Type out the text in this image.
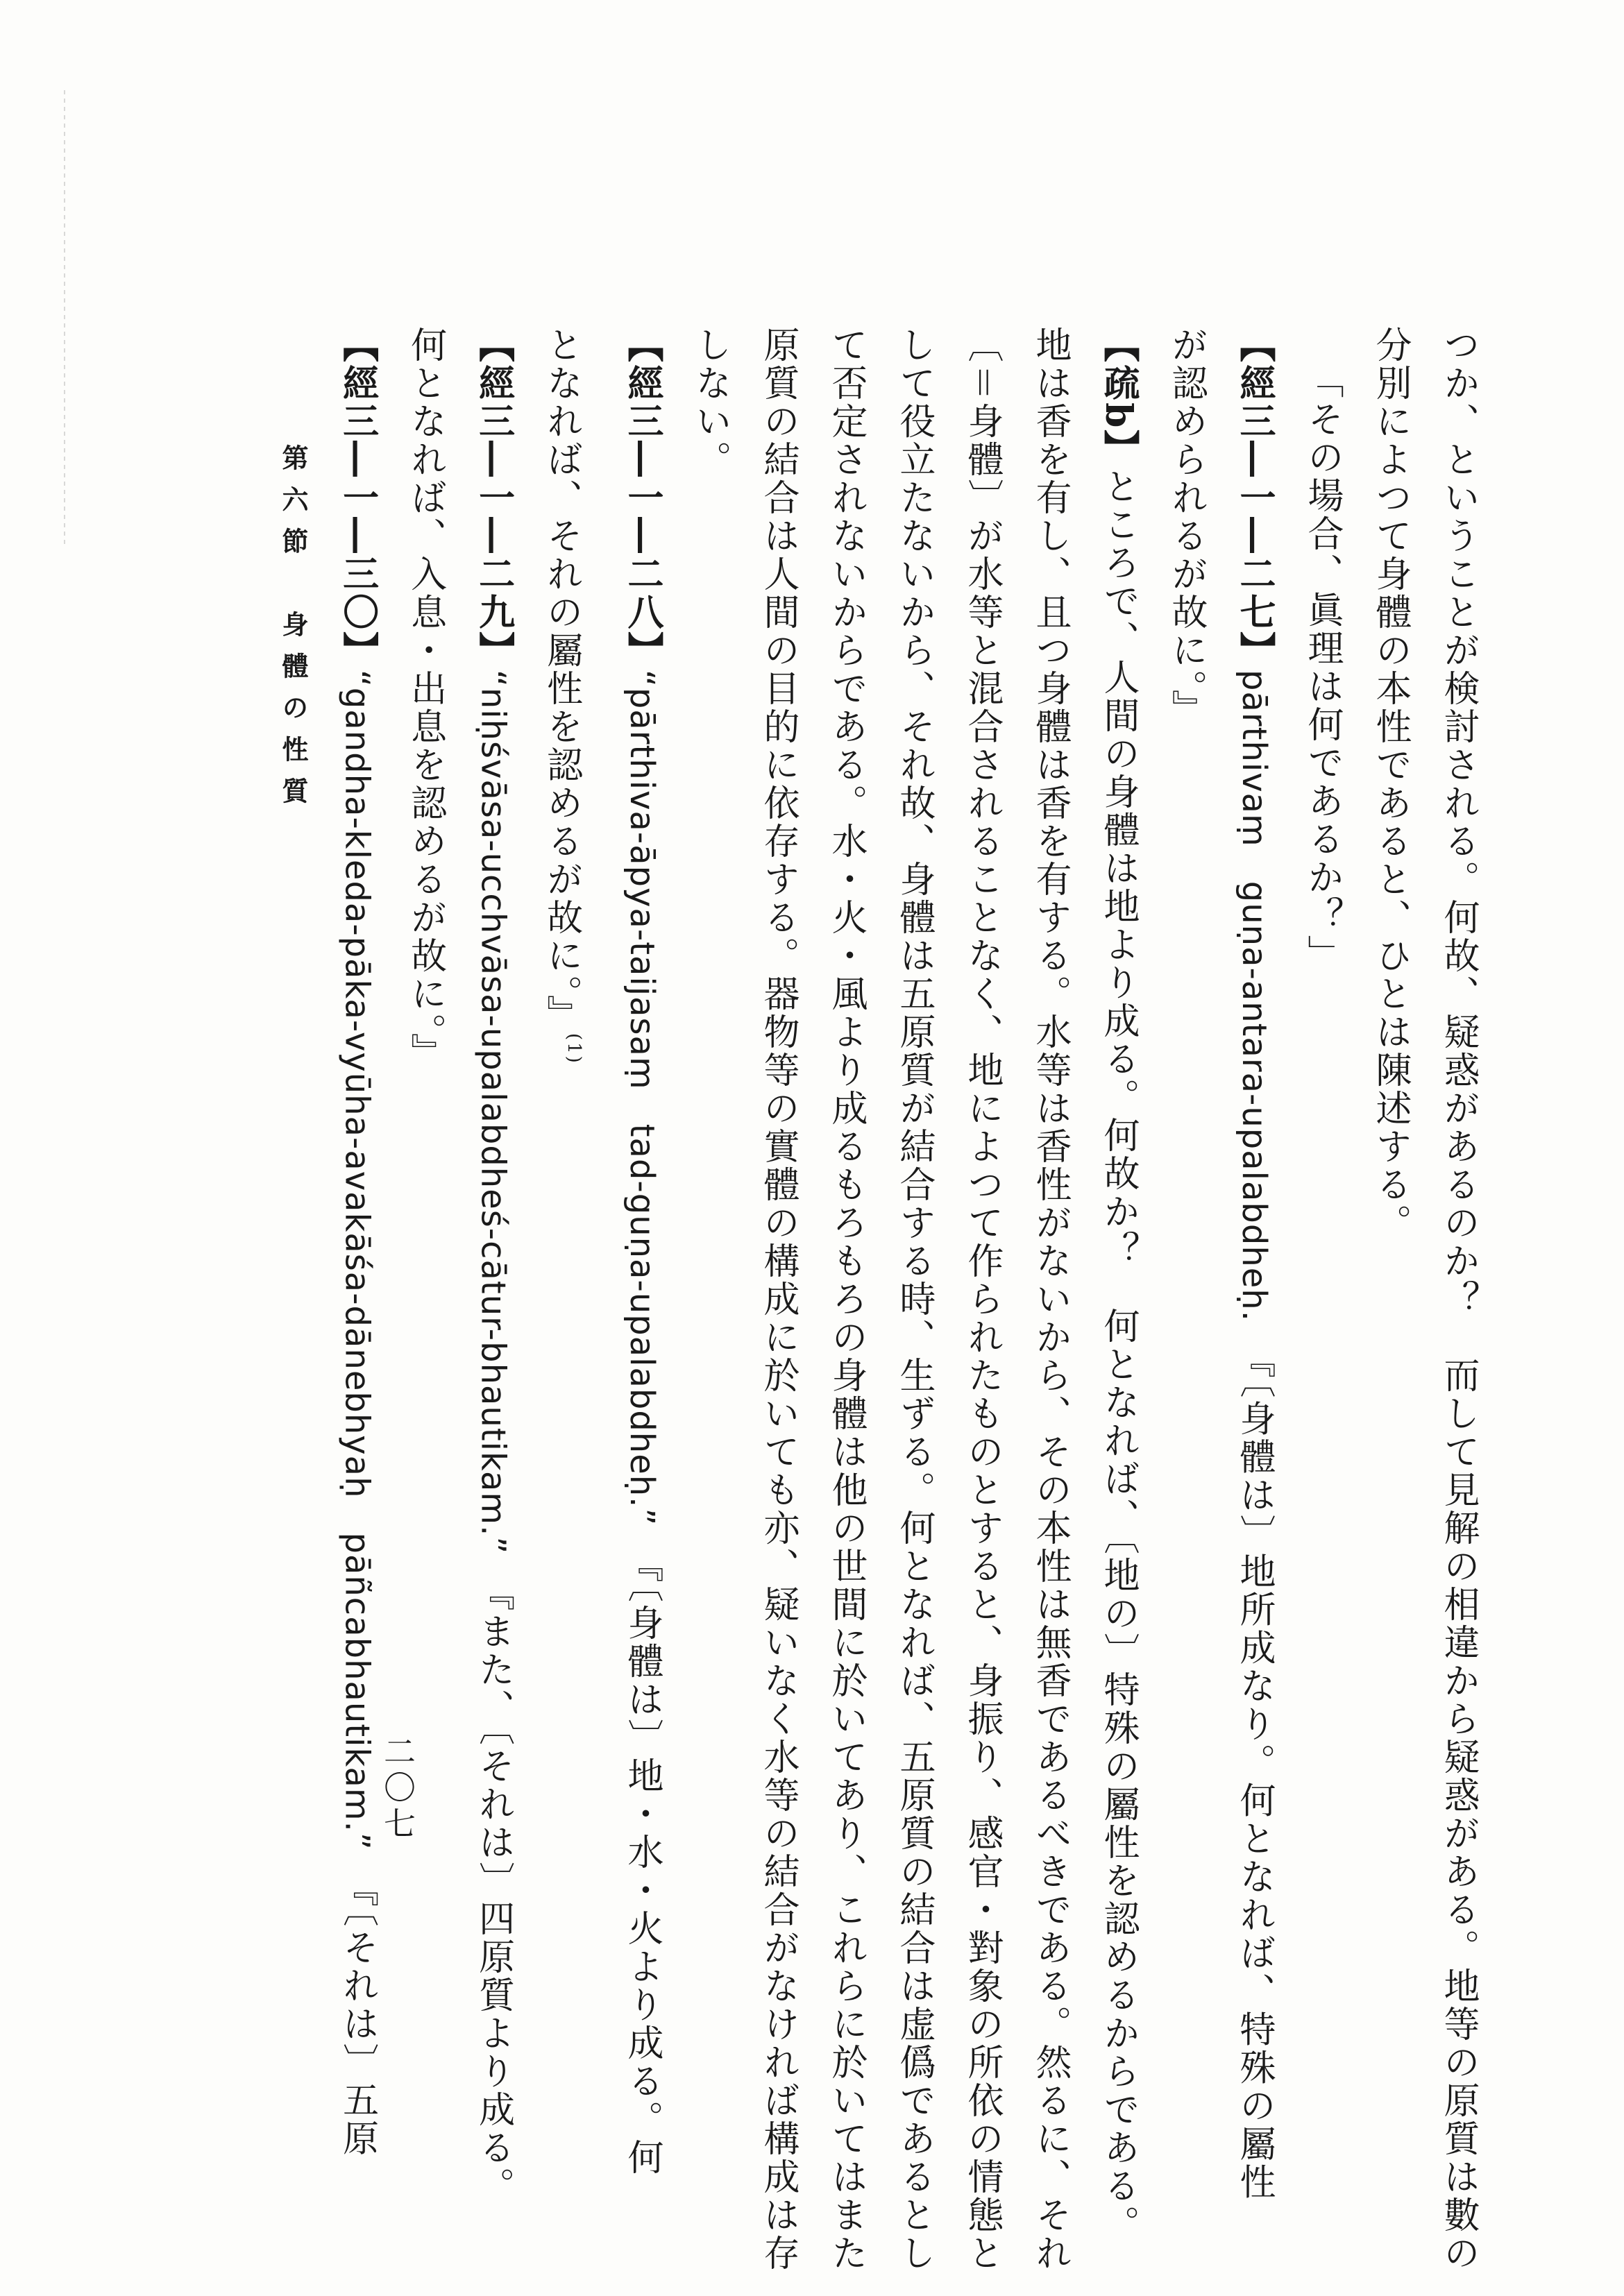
つか、ということが検討される。何故、疑惑があるのか？　而して見解の相違から疑惑がある。地等の原質は數の
分別によつて身體の本性であると、ひとは陳述する。
「その場合、眞理は何であるか？」
【經三―一―二七】pārthivaṃ　guṇa-antara-upalabdheḥ.　『〔身體は〕地所成なり。何となれば、特殊の屬性
が認められるが故に。』
【疏b】ところで、人間の身體は地より成る。何故か？　何となれば、〔地の〕特殊の屬性を認めるからである。
地は香を有し、且つ身體は香を有する。水等は香性がないから、その本性は無香であるべきである。然るに、それ
〔＝身體〕が水等と混合されることなく、地によつて作られたものとすると、身振り、感官・對象の所依の情態と
して役立たないから、それ故、身體は五原質が結合する時、生ずる。何となれば、五原質の結合は虚僞であるとし
て否定されないからである。水・火・風より成るもろもろの身體は他の世間に於いてあり、これらに於いてはまた
原質の結合は人間の目的に依存する。器物等の實體の構成に於いても亦、疑いなく水等の結合がなければ構成は存
しない。
【經三―一―二八】“pārthiva-āpya-taijasaṃ　tad-guṇa-upalabdheḥ.”　『〔身體は〕地・水・火より成る。何
となれば、それの屬性を認めるが故に。』$^{(1)}$
【經三―一―二九】“niḥśvāsa-ucchvāsa-upalabdheś-cātur-bhautikam.”　『また、〔それは〕四原質より成る。
何となれば、入息・出息を認めるが故に。』
【經三―一―三〇】“gandha-kleda-pāka-vyūha-avakāśa-dānebhyaḥ　pāñcabhautikam.”　『〔それは〕五原
第六節　身體の性質
二〇七
